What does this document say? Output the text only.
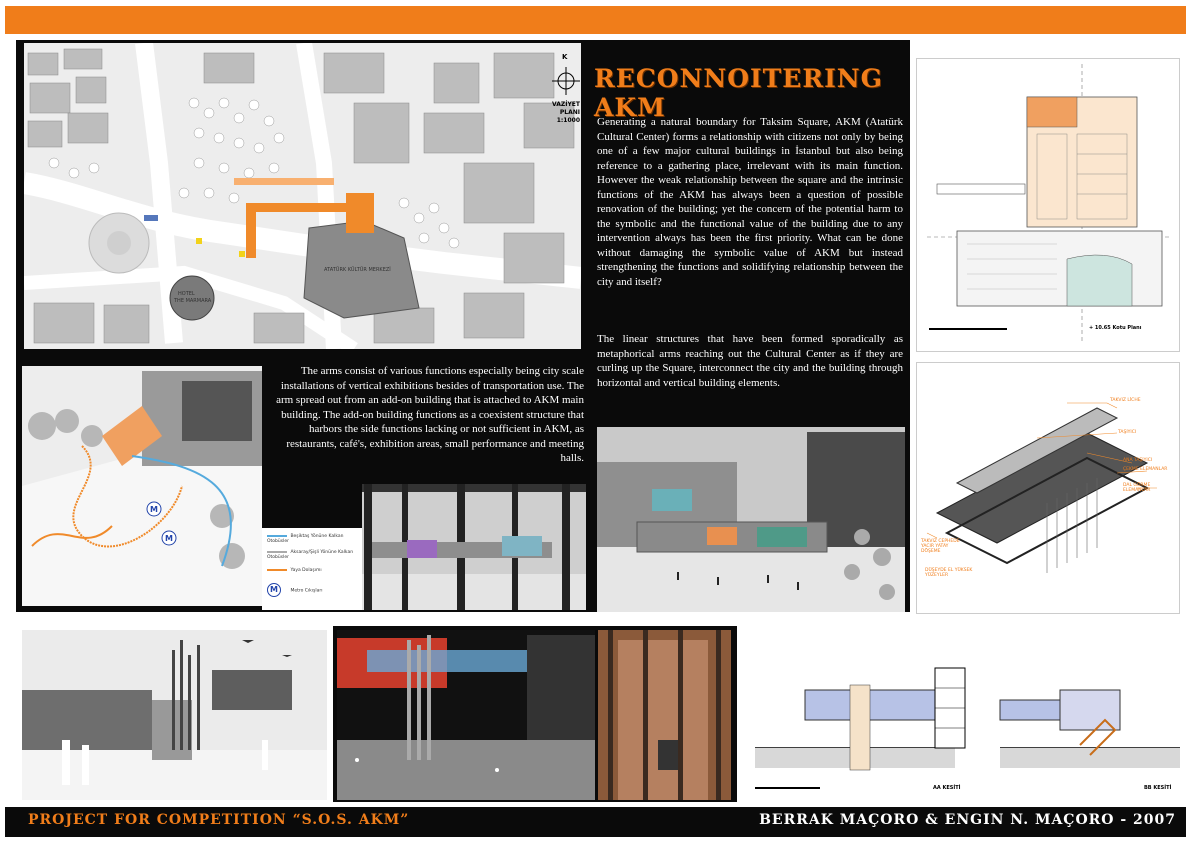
ATATÜRK KÜLTÜR MERKEZİ
HOTEL
THE MARMARA
K
VAZİYET
PLANI
1:1000
RECONNOITERING AKM
Generating a natural boundary for Taksim Square, AKM (Atatürk Cultural Center) forms a relationship with citizens not only by being one of a few major cultural buildings in İstanbul but also being reference to a gathering place, irrelevant with its main function. However the weak relationship between the square and the intrinsic functions of the AKM has always been a question of possible renovation of the building; yet the concern of the potential harm to the symbolic and the functional value of the building due to any intervention always has been the first priority. What can be done without damaging the symbolic value of AKM but instead strengthening the functions and solidifying relationship between the city and itself?
The linear structures that have been formed sporadically as metaphorical arms reaching out the Cultural Center as if they are curling up the Square, interconnect the city and the building through horizontal and vertical building elements.
+ 10.65 Kotu Planı
M
M	Beşiktaş Yönüne Kalkan Otobüsler
Aksaray/Şişli Yönüne Kalkan Otobüsler
Yaya Dolaşımı
M	Metro Cıkışları
The arms consist of various functions especially being city scale installations of vertical exhibitions besides of transportation use. The arm spread out from an add-on building that is attached to AKM main building. The add-on building functions as a coexistent structure that harbors the side functions lacking or not sufficient in AKM, as restaurants, café's, exhibition areas, small performance and meeting halls.
TAKVIZ LİCHE
TAŞIYICI
ANA TAŞIYICI
ÇEKME ELEMANLAR
DAL GÖRME ELEMANLAR
TAKVIZ CEPHEDE YACIR YATAY DÖŞEME
DÜŞEYDE EL YÜKSEK YÜZEYLER
AA KESİTİ	BB KESİTİ
PROJECT FOR COMPETITION “S.O.S. AKM”	BERRAK MAÇORO & ENGIN N. MAÇORO - 2007
